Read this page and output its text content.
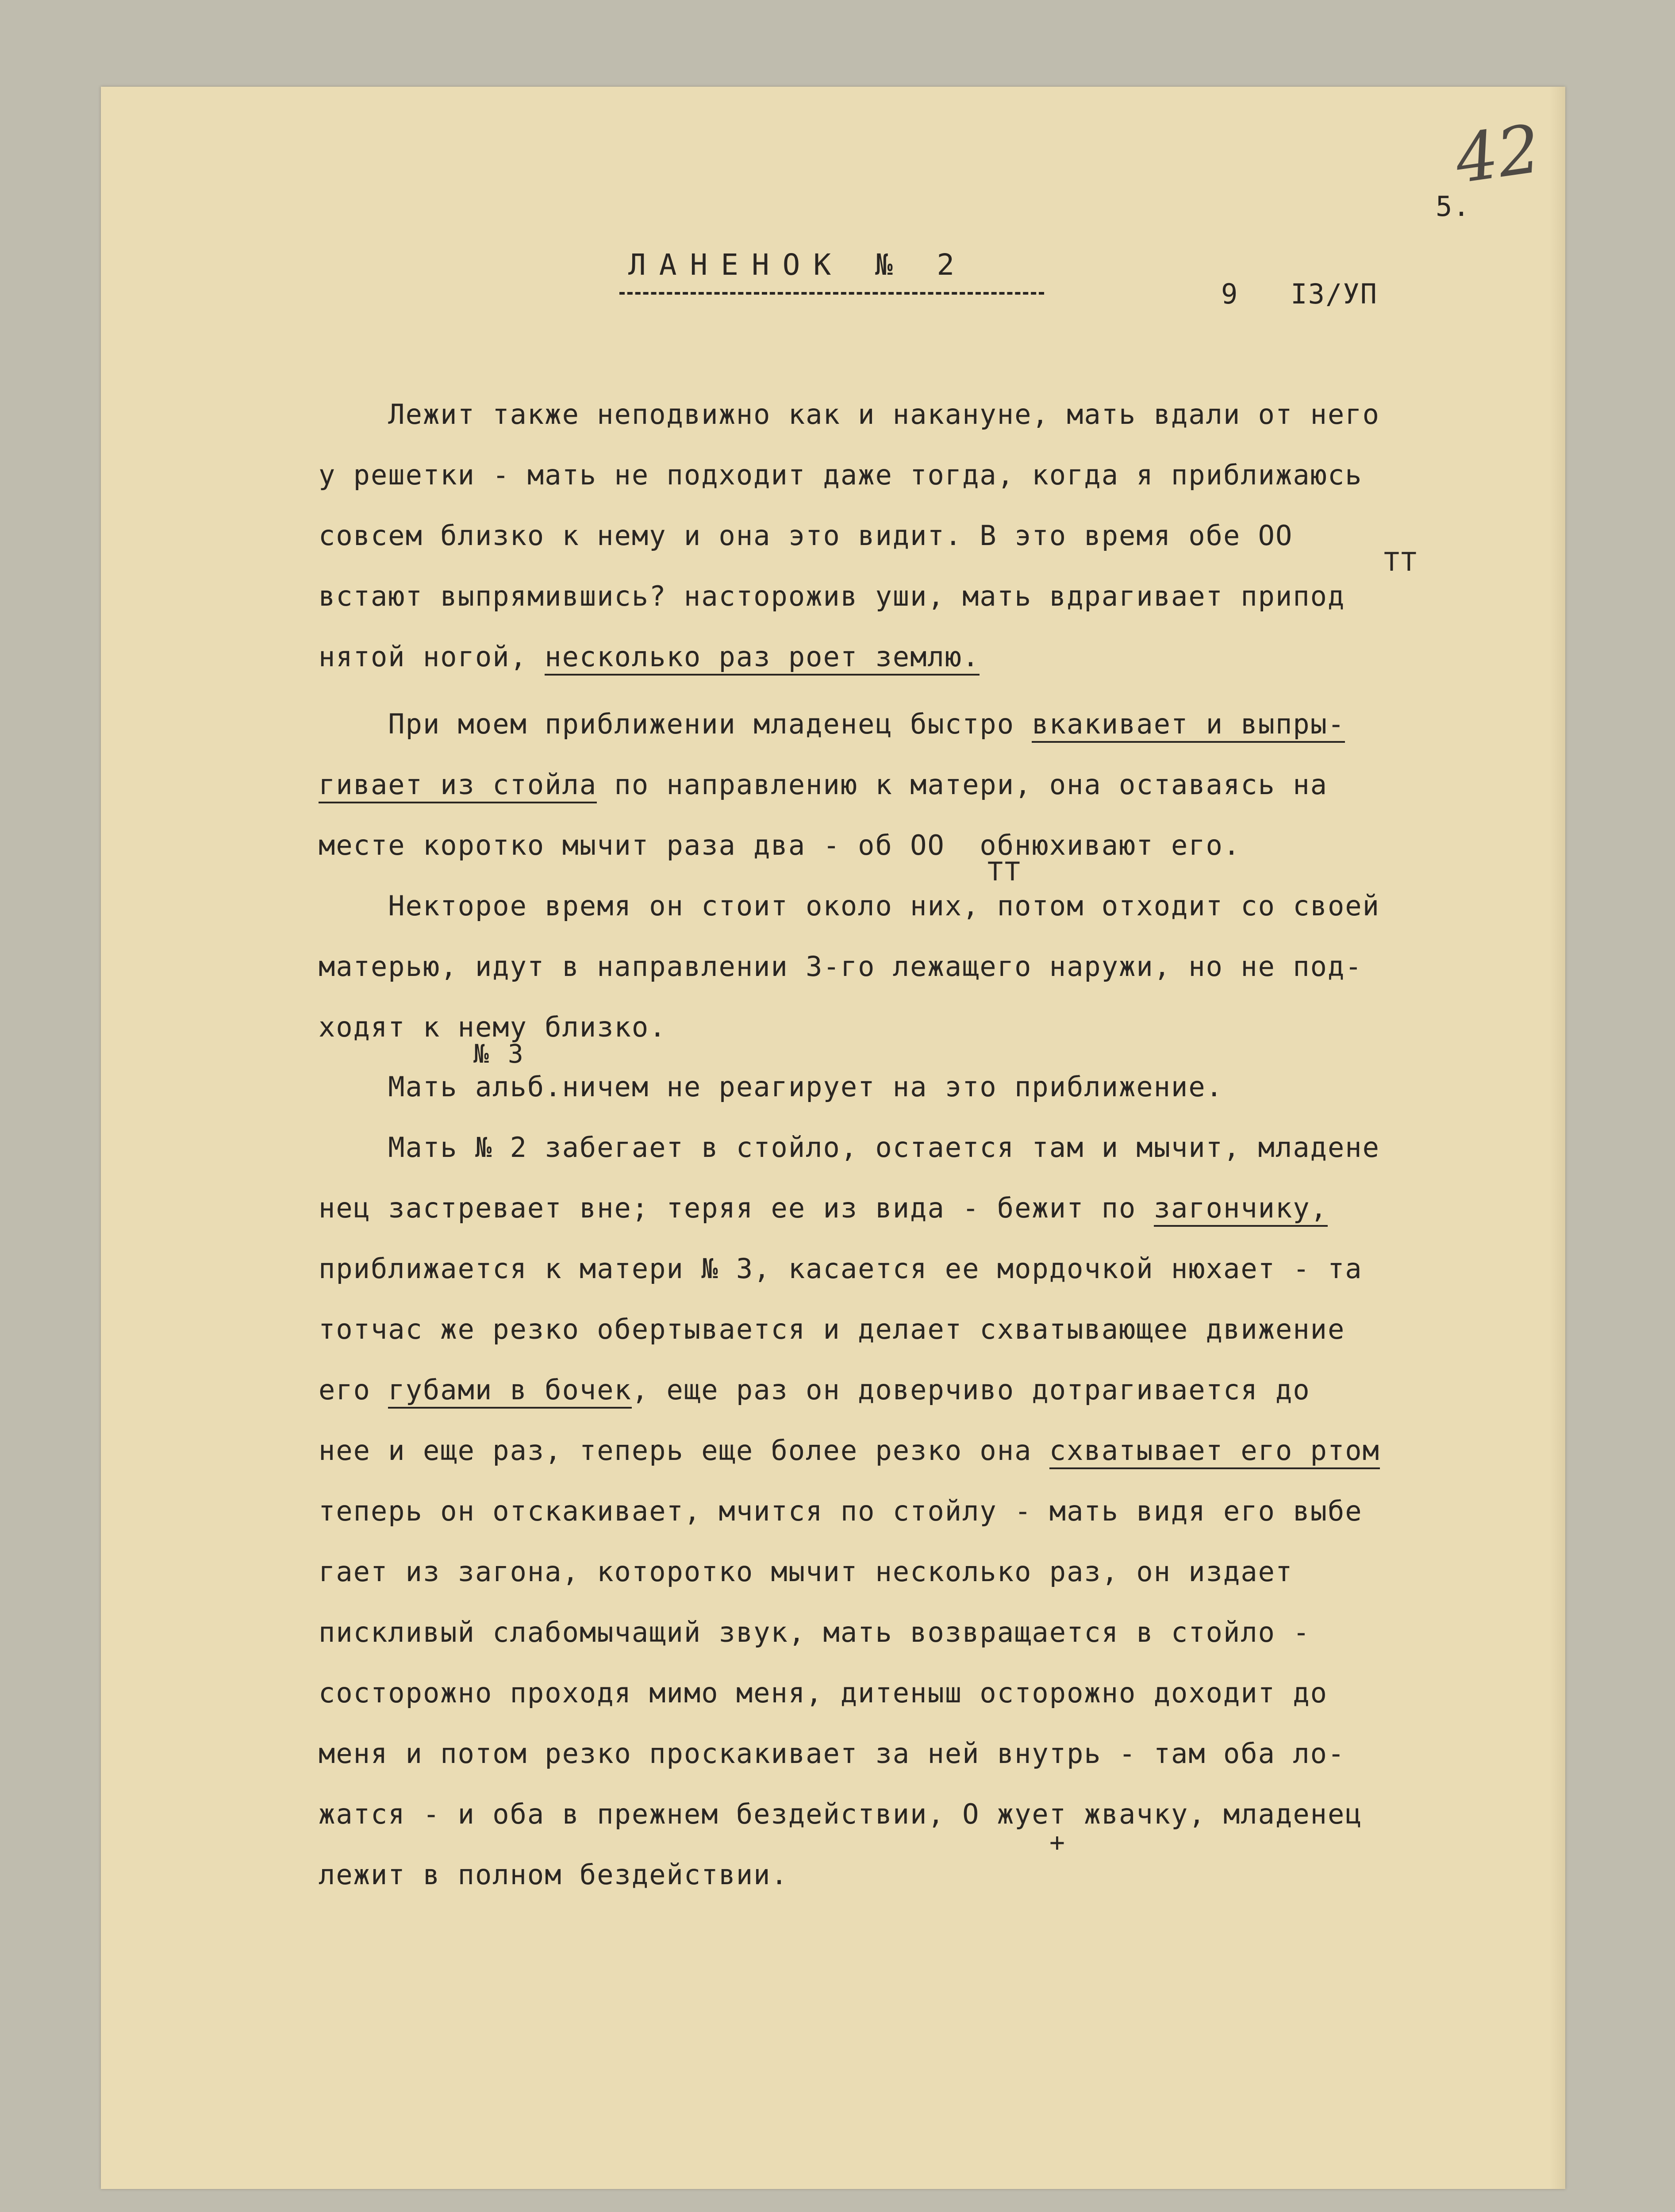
42
5.
ЛАНЕНОК № 2
9   I3/УП
Лежит также неподвижно как и накануне, мать вдали от него
у решетки - мать не подходит даже тогда, когда я приближаюсь
совсем близко к нему и она это видит. В это время обе OO
TT
встают выпрямившись? насторожив уши, мать вдрагивает припод
нятой ногой, несколько раз роет землю.
При моем приближении младенец быстро вкакивает и выпры-
гивает из стойла по направлению к матери, она оставаясь на
месте коротко мычит раза два - об OO  обнюхивают его.
TT
Некторое время он стоит около них, потом отходит со своей
матерью, идут в направлении 3-го лежащего наружи, но не под-
ходят к нему близко.
№ 3
Мать альб.ничем не реагирует на это приближение.
Мать № 2 забегает в стойло, остается там и мычит, младене
нец застревает вне; теряя ее из вида - бежит по загончику,
приближается к матери № 3, касается ее мордочкой нюхает - та
тотчас же резко обертывается и делает схватывающее движение
его губами в бочек, еще раз он доверчиво дотрагивается до
нее и еще раз, теперь еще более резко она схватывает его ртом
теперь он отскакивает, мчится по стойлу - мать видя его выбе
гает из загона, которотко мычит несколько раз, он издает
пискливый слабомычащий звук, мать возвращается в стойло -
состорожно проходя мимо меня, дитеныш осторожно доходит до
меня и потом резко проскакивает за ней внутрь - там оба ло-
жатся - и оба в прежнем бездействии, O жует жвачку, младенец
+
лежит в полном бездействии.
